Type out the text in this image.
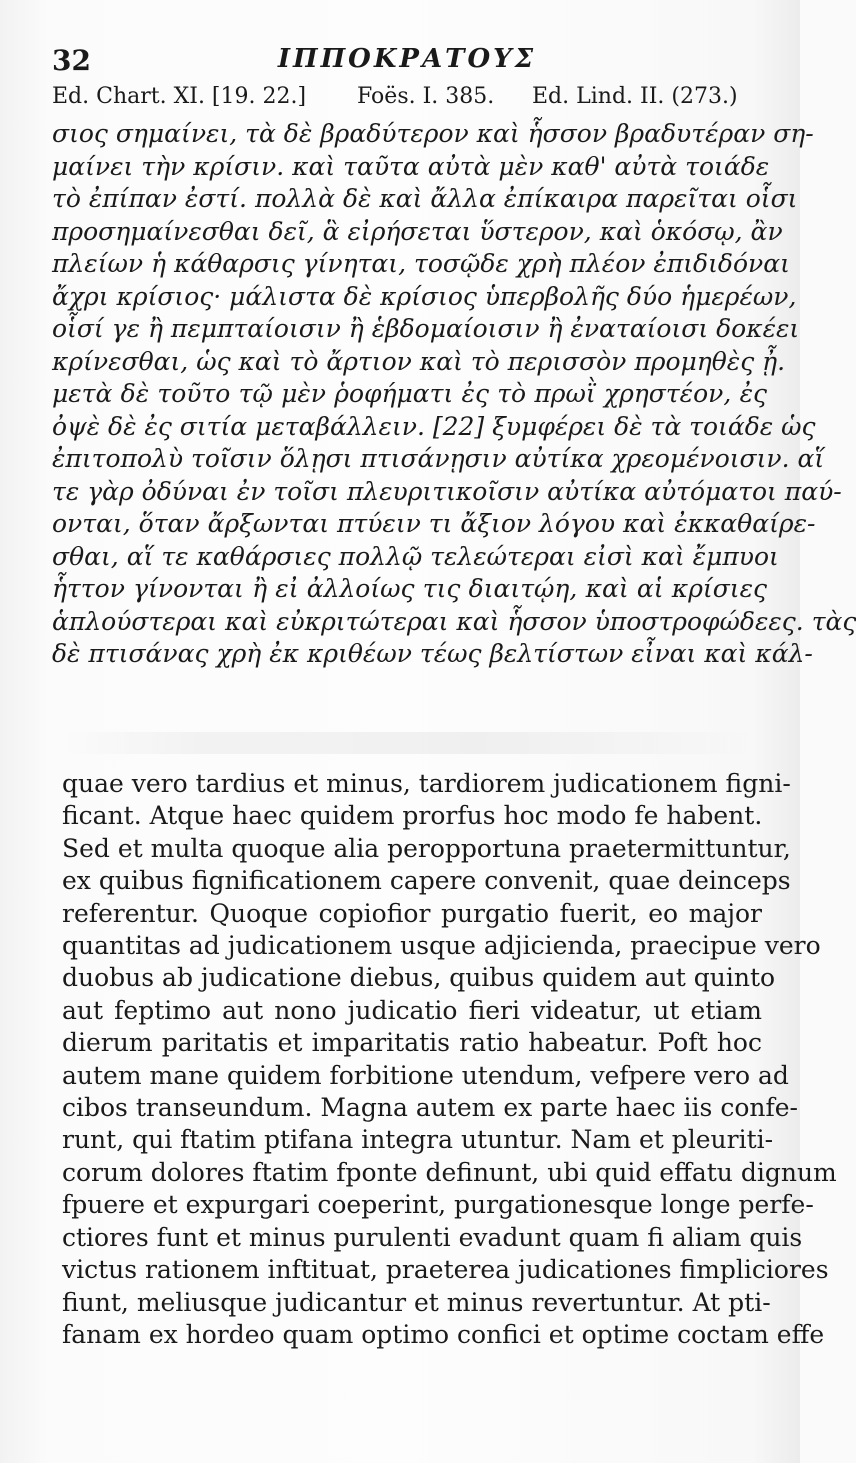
32	ΙΠΠΟΚΡΑΤΟΥΣ
Ed. Chart. XI. [19. 22.] Foës. I. 385. Ed. Lind. II. (273.)
σιος σημαίνει, τὰ δὲ βραδύτερον καὶ ἧσσον βραδυτέραν ση-
μαίνει τὴν κρίσιν. καὶ ταῦτα αὐτὰ μὲν καθ' αὐτὰ τοιάδε
τὸ ἐπίπαν ἐστί. πολλὰ δὲ καὶ ἄλλα ἐπίκαιρα παρεῖται οἷσι
προσημαίνεσθαι δεῖ, ἃ εἰρήσεται ὕστερον, καὶ ὁκόσῳ, ἂν
πλείων ἡ κάθαρσις γίνηται, τοσῷδε χρὴ πλέον ἐπιδιδόναι
ἄχρι κρίσιος· μάλιστα δὲ κρίσιος ὑπερβολῆς δύο ἡμερέων,
οἷσί γε ἢ πεμπταίοισιν ἢ ἑβδομαίοισιν ἢ ἐναταίοισι δοκέει
κρίνεσθαι, ὡς καὶ τὸ ἄρτιον καὶ τὸ περισσὸν προμηθὲς ᾖ.
μετὰ δὲ τοῦτο τῷ μὲν ῥοφήματι ἐς τὸ πρωῒ χρηστέον, ἐς
ὀψὲ δὲ ἐς σιτία μεταβάλλειν. [22] ξυμφέρει δὲ τὰ τοιάδε ὡς
ἐπιτοπολὺ τοῖσιν ὅλῃσι πτισάνῃσιν αὐτίκα χρεομένοισιν. αἵ
τε γὰρ ὀδύναι ἐν τοῖσι πλευριτικοῖσιν αὐτίκα αὐτόματοι παύ-
ονται, ὅταν ἄρξωνται πτύειν τι ἄξιον λόγου καὶ ἐκκαθαίρε-
σθαι, αἵ τε καθάρσιες πολλῷ τελεώτεραι εἰσὶ καὶ ἔμπυοι
ἧττον γίνονται ἢ εἰ ἀλλοίως τις διαιτῴη, καὶ αἱ κρίσιες
ἁπλούστεραι καὶ εὐκριτώτεραι καὶ ἧσσον ὑποστροφώδεες. τὰς
δὲ πτισάνας χρὴ ἐκ κριθέων τέως βελτίστων εἶναι καὶ κάλ-
quae vero tardius et minus, tardiorem judicationem figni-
ficant. Atque haec quidem prorfus hoc modo fe habent.
Sed et multa quoque alia peropportuna praetermittuntur,
ex quibus fignificationem capere convenit, quae deinceps
referentur. Quoque copiofior purgatio fuerit, eo major
quantitas ad judicationem usque adjicienda, praecipue vero
duobus ab judicatione diebus, quibus quidem aut quinto
aut feptimo aut nono judicatio fieri videatur, ut etiam
dierum paritatis et imparitatis ratio habeatur. Poft hoc
autem mane quidem forbitione utendum, vefpere vero ad
cibos transeundum. Magna autem ex parte haec iis confe-
runt, qui ftatim ptifana integra utuntur. Nam et pleuriti-
corum dolores ftatim fponte definunt, ubi quid effatu dignum
fpuere et expurgari coeperint, purgationesque longe perfe-
ctiores funt et minus purulenti evadunt quam fi aliam quis
victus rationem inftituat, praeterea judicationes fimpliciores
fiunt, meliusque judicantur et minus revertuntur. At pti-
fanam ex hordeo quam optimo confici et optime coctam effe
